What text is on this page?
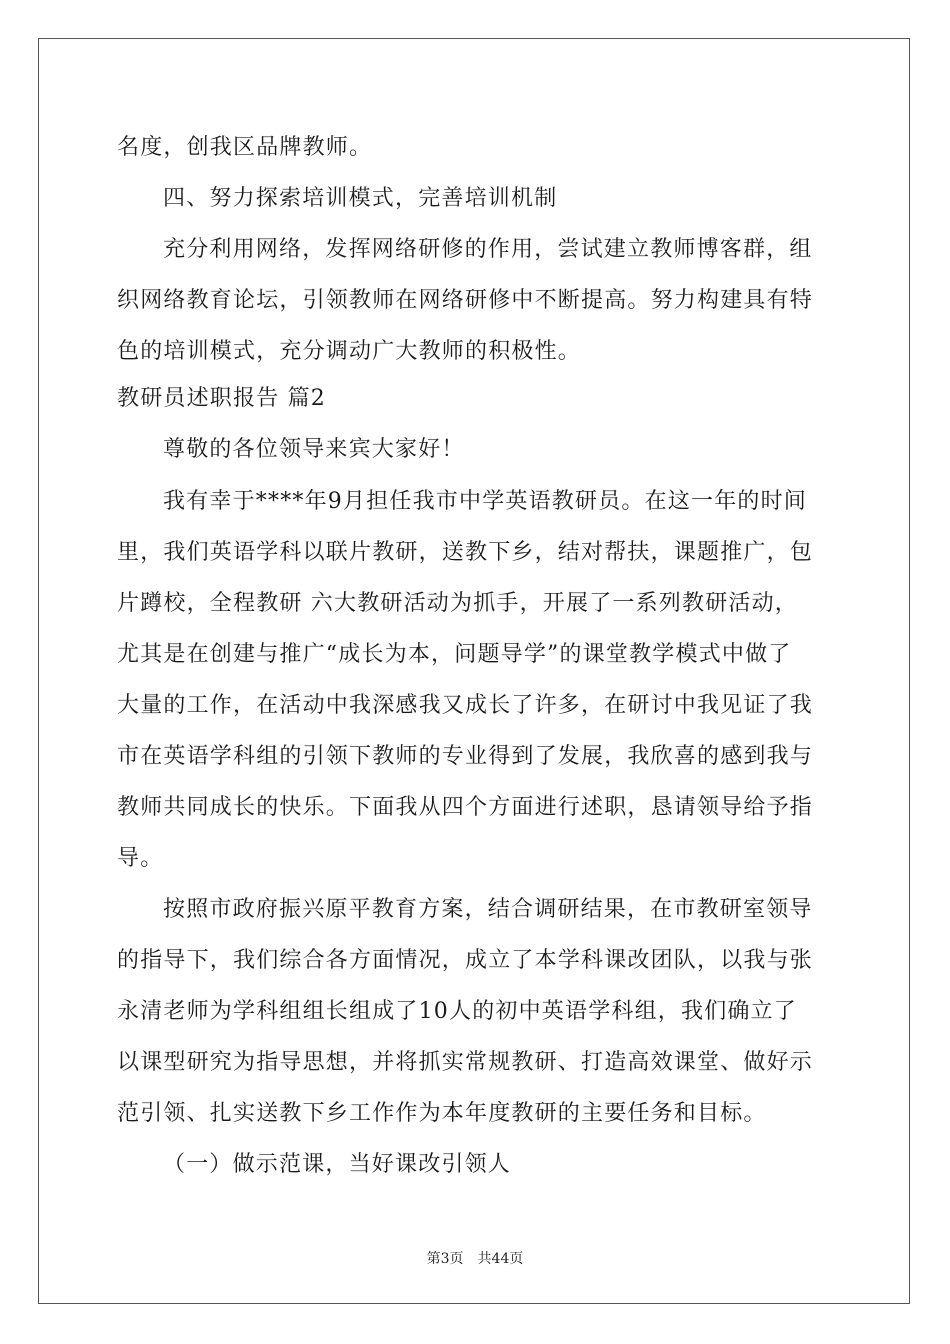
名度，创我区品牌教师。
四、努力探索培训模式，完善培训机制
充分利用网络，发挥网络研修的作用，尝试建立教师博客群，组
织网络教育论坛，引领教师在网络研修中不断提高。努力构建具有特
色的培训模式，充分调动广大教师的积极性。
教研员述职报告 篇2
尊敬的各位领导来宾大家好！
我有幸于****年9月担任我市中学英语教研员。在这一年的时间
里，我们英语学科以联片教研，送教下乡，结对帮扶，课题推广，包
片蹲校，全程教研 六大教研活动为抓手，开展了一系列教研活动，
尤其是在创建与推广“成长为本，问题导学”的课堂教学模式中做了
大量的工作，在活动中我深感我又成长了许多，在研讨中我见证了我
市在英语学科组的引领下教师的专业得到了发展，我欣喜的感到我与
教师共同成长的快乐。下面我从四个方面进行述职，恳请领导给予指
导。
按照市政府振兴原平教育方案，结合调研结果，在市教研室领导
的指导下，我们综合各方面情况，成立了本学科课改团队，以我与张
永清老师为学科组组长组成了10人的初中英语学科组，我们确立了
以课型研究为指导思想，并将抓实常规教研、打造高效课堂、做好示
范引领、扎实送教下乡工作作为本年度教研的主要任务和目标。
（一）做示范课，当好课改引领人
第3页　共44页
